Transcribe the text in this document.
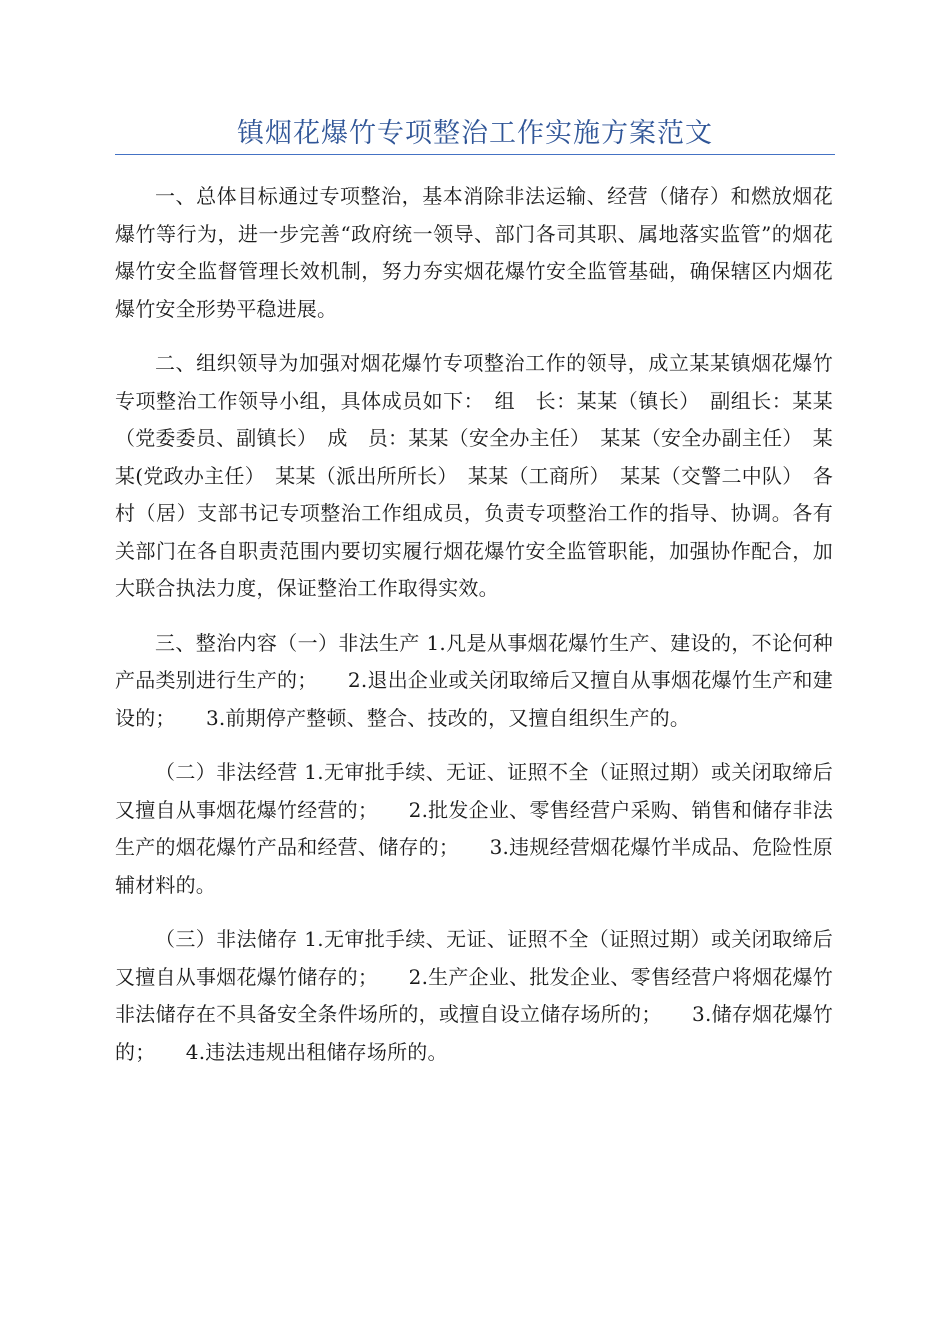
镇烟花爆竹专项整治工作实施方案范文

一、总体目标通过专项整治，基本消除非法运输、经营（储存）和燃放烟花爆竹等行为，进一步完善“政府统一领导、部门各司其职、属地落实监管”的烟花爆竹安全监督管理长效机制，努力夯实烟花爆竹安全监管基础，确保辖区内烟花爆竹安全形势平稳进展。

二、组织领导为加强对烟花爆竹专项整治工作的领导，成立某某镇烟花爆竹专项整治工作领导小组，具体成员如下：　组　长：某某（镇长）　副组长：某某（党委委员、副镇长）　成　员：某某（安全办主任）　某某（安全办副主任）　某某(党政办主任）　某某（派出所所长）　某某（工商所）　某某（交警二中队）　各村（居）支部书记专项整治工作组成员，负责专项整治工作的指导、协调。各有关部门在各自职责范围内要切实履行烟花爆竹安全监管职能，加强协作配合，加大联合执法力度，保证整治工作取得实效。

三、整治内容（一）非法生产 1.凡是从事烟花爆竹生产、建设的，不论何种产品类别进行生产的；　　2.退出企业或关闭取缔后又擅自从事烟花爆竹生产和建设的；　　3.前期停产整顿、整合、技改的，又擅自组织生产的。

（二）非法经营 1.无审批手续、无证、证照不全（证照过期）或关闭取缔后又擅自从事烟花爆竹经营的；　　2.批发企业、零售经营户采购、销售和储存非法生产的烟花爆竹产品和经营、储存的；　　3.违规经营烟花爆竹半成品、危险性原辅材料的。

（三）非法储存 1.无审批手续、无证、证照不全（证照过期）或关闭取缔后又擅自从事烟花爆竹储存的；　　2.生产企业、批发企业、零售经营户将烟花爆竹非法储存在不具备安全条件场所的，或擅自设立储存场所的；　　3.储存烟花爆竹的；　　4.违法违规出租储存场所的。
